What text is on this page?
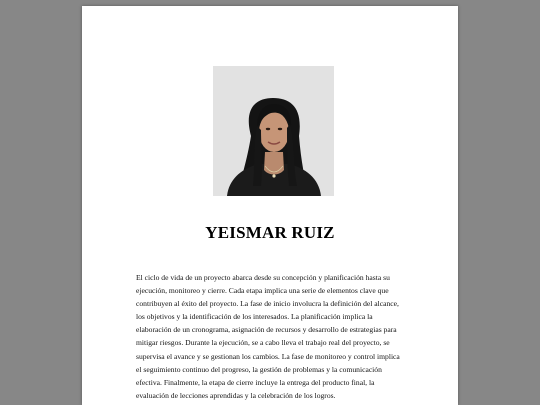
YEISMAR RUIZ
El ciclo de vida de un proyecto abarca desde su concepción y planificación hasta su ejecución, monitoreo y cierre. Cada etapa implica una serie de elementos clave que contribuyen al éxito del proyecto. La fase de inicio involucra la definición del alcance, los objetivos y la identificación de los interesados. La planificación implica la elaboración de un cronograma, asignación de recursos y desarrollo de estrategias para mitigar riesgos. Durante la ejecución, se a cabo lleva el trabajo real del proyecto, se supervisa el avance y se gestionan los cambios. La fase de monitoreo y control implica el seguimiento continuo del progreso, la gestión de problemas y la comunicación efectiva. Finalmente, la etapa de cierre incluye la entrega del producto final, la evaluación de lecciones aprendidas y la celebración de los logros.
